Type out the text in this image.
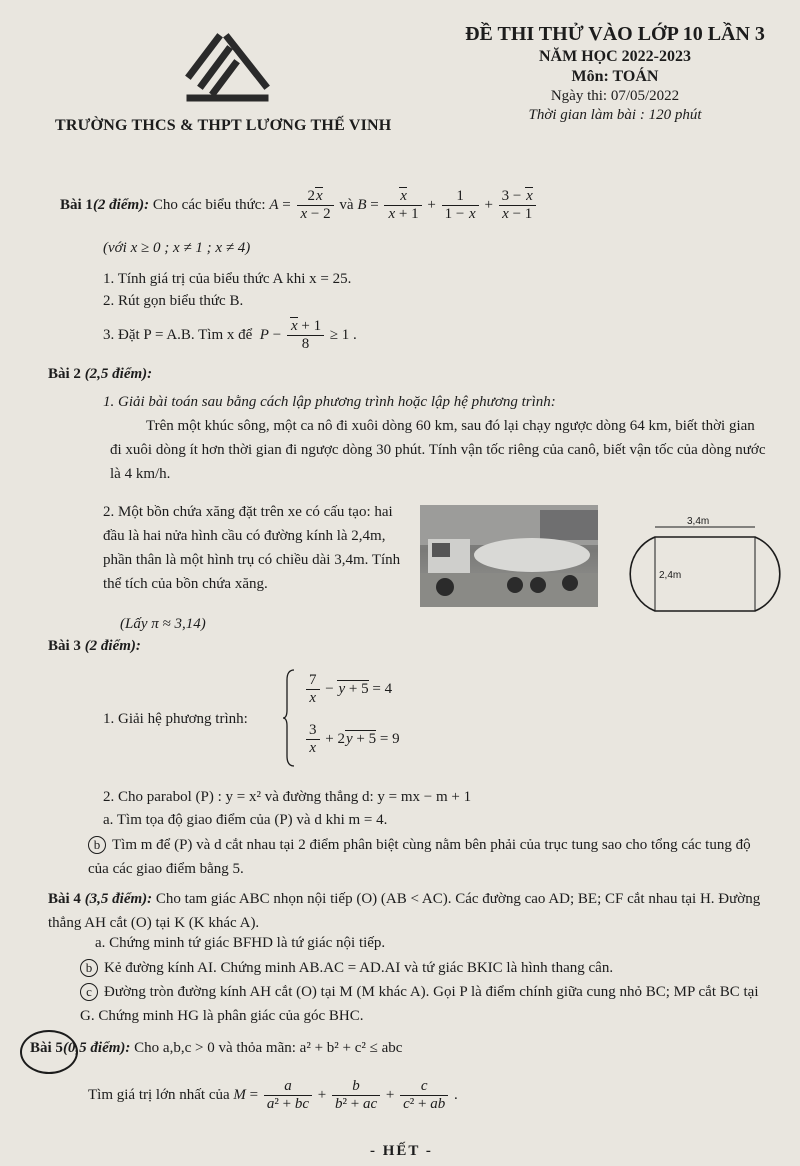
ĐỀ THI THỬ VÀO LỚP 10 LẦN 3
NĂM HỌC 2022-2023
Môn: TOÁN
Ngày thi: 07/05/2022
Thời gian làm bài : 120 phút
TRƯỜNG THCS & THPT LƯƠNG THẾ VINH
Bài 1(2 điểm): Cho các biểu thức: $A = \frac{2x}{x - 2}$ và $B = \frac{x}{x + 1} + \frac{1}{1 - x} + \frac{3 - x}{x - 1}$
(với x ≥ 0 ; x ≠ 1 ; x ≠ 4)
1. Tính giá trị của biểu thức A khi x = 25.
2. Rút gọn biểu thức B.
3. Đặt P = A.B. Tìm x để $P - \frac{x + 1}{8} \ge 1$ .
Bài 2 (2,5 điểm):
1. Giải bài toán sau bằng cách lập phương trình hoặc lập hệ phương trình:
Trên một khúc sông, một ca nô đi xuôi dòng 60 km, sau đó lại chạy ngược dòng 64 km, biết thời gian đi xuôi dòng ít hơn thời gian đi ngược dòng 30 phút. Tính vận tốc riêng của canô, biết vận tốc của dòng nước là 4 km/h.
2. Một bồn chứa xăng đặt trên xe có cấu tạo: hai đầu là hai nửa hình cầu có đường kính là 2,4m, phần thân là một hình trụ có chiều dài 3,4m. Tính thể tích của bồn chứa xăng.
(Lấy π ≈ 3,14)
3,4m
2,4m
Bài 3 (2 điểm):
1. Giải hệ phương trình:
$\frac{7}{x} - y + 5 = 4$
$\frac{3}{x} + 2y + 5 = 9$
2. Cho parabol (P) : y = x² và đường thẳng d: y = mx − m + 1
a. Tìm tọa độ giao điểm của (P) và d khi m = 4.
b Tìm m để (P) và d cắt nhau tại 2 điểm phân biệt cùng nằm bên phải của trục tung sao cho tổng các tung độ của các giao điểm bằng 5.
Bài 4 (3,5 điểm): Cho tam giác ABC nhọn nội tiếp (O) (AB < AC). Các đường cao AD; BE; CF cắt nhau tại H. Đường thẳng AH cắt (O) tại K (K khác A).
a. Chứng minh tứ giác BFHD là tứ giác nội tiếp.
b Kẻ đường kính AI. Chứng minh AB.AC = AD.AI và tứ giác BKIC là hình thang cân.
c Đường tròn đường kính AH cắt (O) tại M (M khác A). Gọi P là điểm chính giữa cung nhỏ BC; MP cắt BC tại G. Chứng minh HG là phân giác của góc BHC.
Bài 5(0,5 điểm): Cho a,b,c > 0 và thỏa mãn: a² + b² + c² ≤ abc
Tìm giá trị lớn nhất của $M = \frac{a}{\text{a² + bc}} + \frac{b}{\text{b² + ac}} + \frac{c}{\text{c² + ab}}$ .
- HẾT -
